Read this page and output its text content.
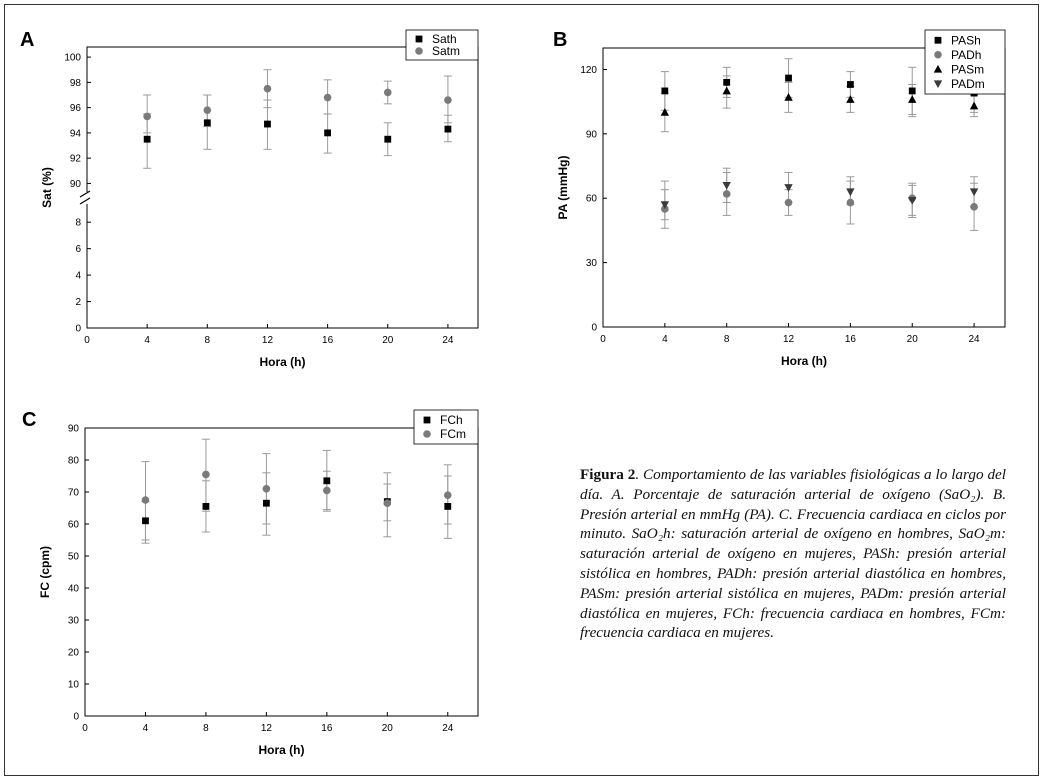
0	4	8	12	16	20	24
Hora (h)
0
2
4
6
8
90
92
94
96
98
100
Sat (%)
A	Sath
Satm
0	4	8	12	16	20	24
Hora (h)
0
30
60
90
120
PA (mmHg)
B	PASh
PADh
PASm
PADm
0	4	8	12	16	20	24
Hora (h)
0
10
20
30
40
50
60
70
80
90
FC (cpm)
C	FCh
FCm
Figura 2. Comportamiento de las variables fisiológicas a lo largo del día. A. Porcentaje de saturación arterial de oxígeno (SaO₂). B. Presión arterial en mmHg (PA). C. Frecuencia cardiaca en ciclos por minuto. SaO₂h: saturación arterial de oxígeno en hombres, SaO₂m: saturación arterial de oxígeno en mujeres, PASh: presión arterial sistólica en hombres, PADh: presión arterial diastólica en hombres, PASm: presión arterial sistólica en mujeres, PADm: presión arterial diastólica en mujeres, FCh: frecuencia cardiaca en hombres, FCm: frecuencia cardiaca en mujeres.
